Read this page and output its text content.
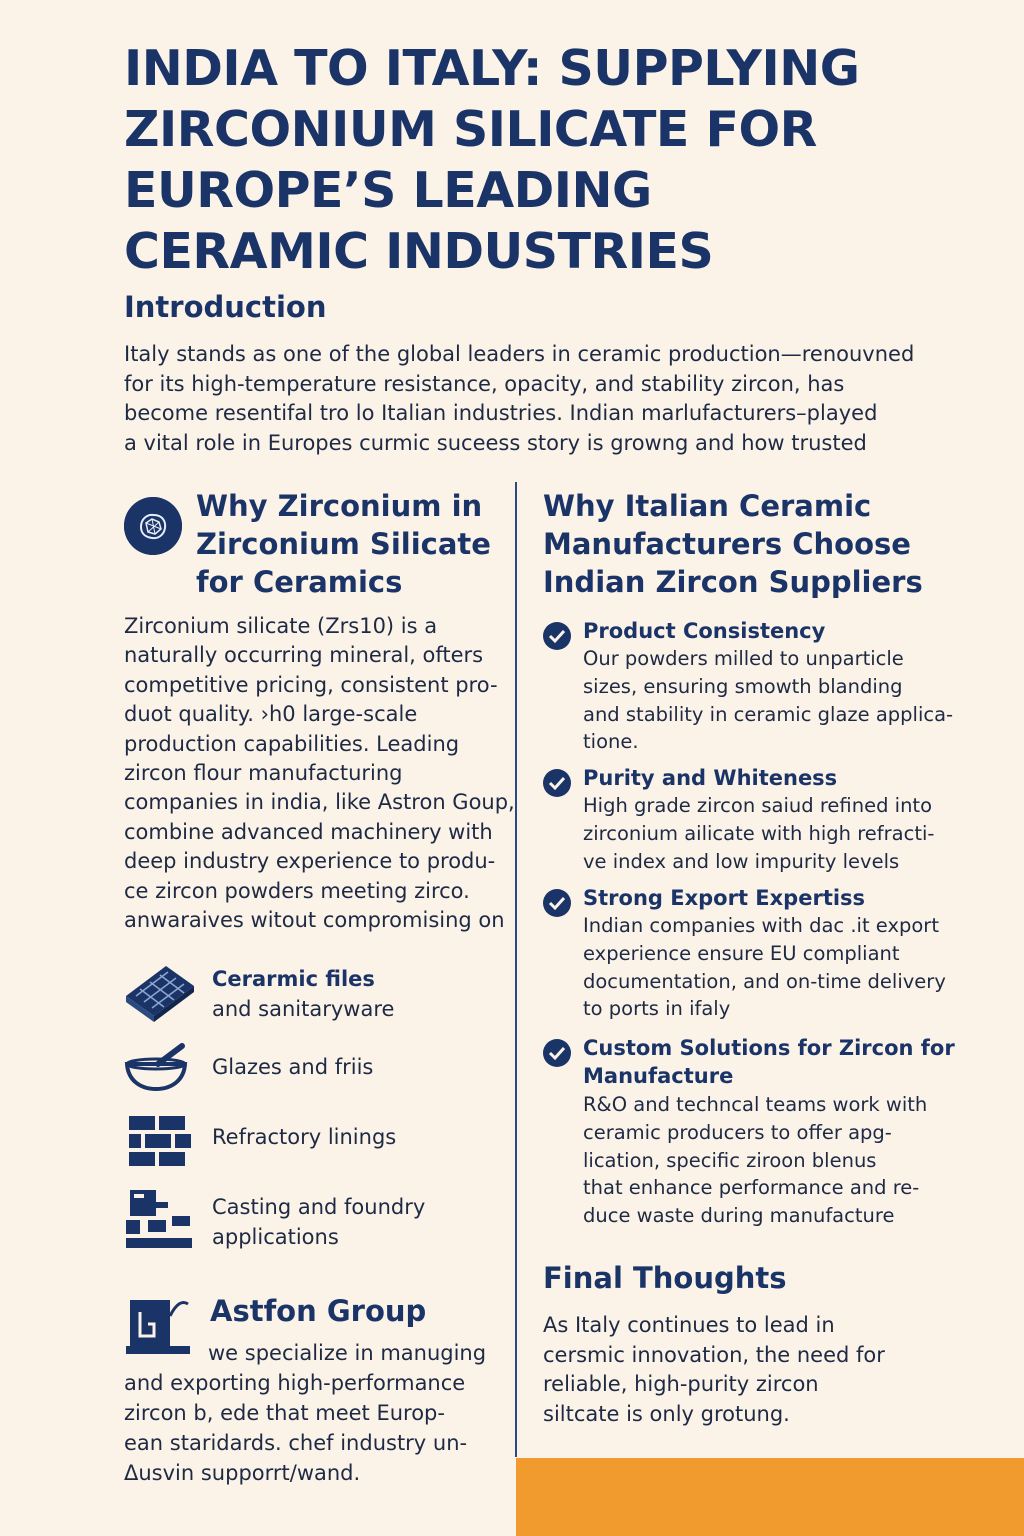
INDIA TO ITALY: SUPPLYING
ZIRCONIUM SILICATE FOR
EUROPE’S LEADING
CERAMIC INDUSTRIES
Introduction
Italy stands as one of the global leaders in ceramic production—renouvned
for its high-temperature resistance, opacity, and stability zircon, has
become resentifal tro lo Italian industries. Indian marlufacturers–played
a vital role in Europes curmic suceess story is growng and how trusted
Why Zirconium in
Zirconium Silicate
for Ceramics
Zirconium silicate (Zrs10) is a
naturally occurring mineral, ofters
competitive pricing, consistent pro-
duot quality. ›h0 large-scale
production capabilities. Leading
zircon flour manufacturing
companies in india, like Astron Goup,
combine advanced machinery with
deep industry experience to produ-
ce zircon powders meeting zirco.
anwaraives witout compromising on
Cerarmic files
and sanitaryware
Glazes and friis
Refractory linings
Casting and foundry
applications
Astfon Group
we specialize in manuging
and exporting high-performance
zircon b, ede that meet Europ-
ean staridards. chef industry un-
Δusvin supporrt/wand.
Why Italian Ceramic
Manufacturers Choose
Indian Zircon Suppliers
Product Consistency
Our powders milled to unparticle
sizes, ensuring smowth blanding
and stability in ceramic glaze applica-
tione.
Purity and Whiteness
High grade zircon saiud refined into
zirconium ailicate with high refracti-
ve index and low impurity levels
Strong Export Expertiss
Indian companies with dac .it export
experience ensure EU compliant
documentation, and on-time delivery
to ports in ifaly
Custom Solutions for Zircon for
Manufacture
R&O and techncal teams work with
ceramic producers to offer apg-
lication, specific ziroon blenus
that enhance performance and re-
duce waste during manufacture
Final Thoughts
As Italy continues to lead in
cersmic innovation, the need for
reliable, high-purity zircon
siltcate is only grotung.
